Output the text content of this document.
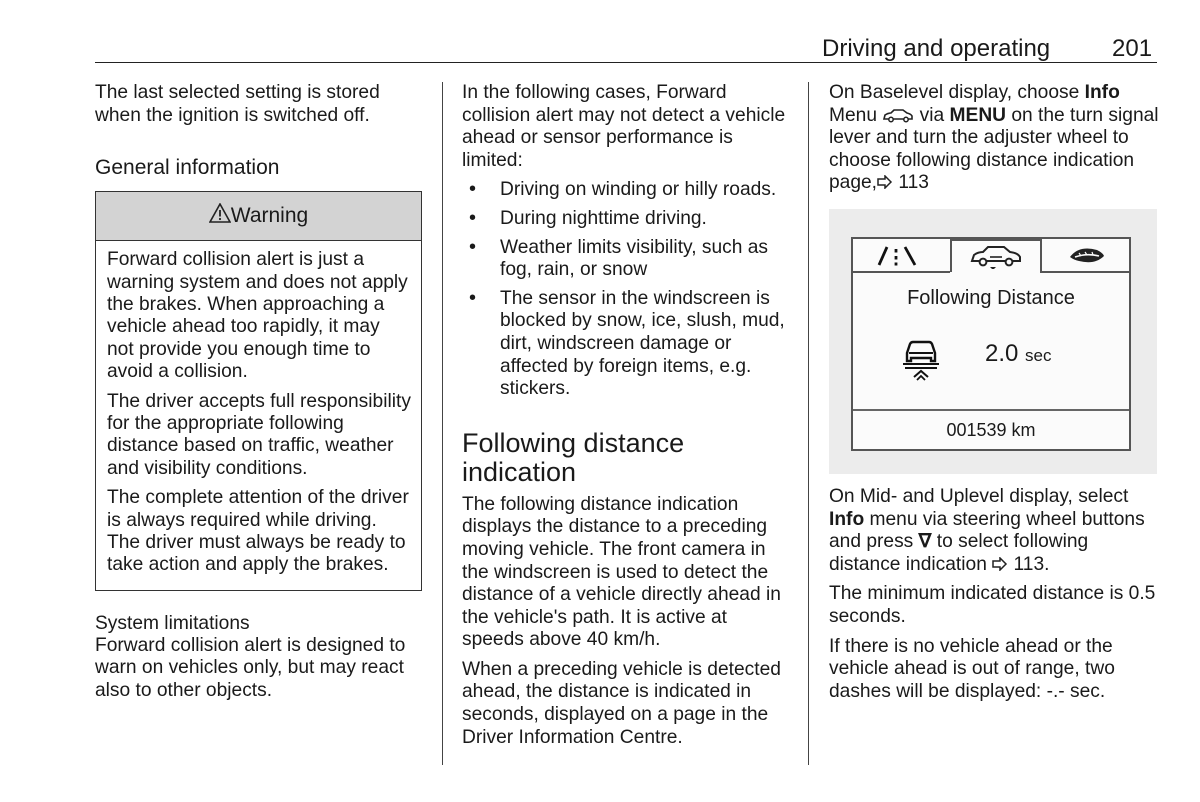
Driving and operating	201

The last selected setting is stored when the ignition is switched off.

General information
Warning

Forward collision alert is just a warning system and does not apply the brakes. When approaching a vehicle ahead too rapidly, it may not provide you enough time to avoid a collision.

The driver accepts full responsibility for the appropriate following distance based on traffic, weather and visibility conditions.

The complete attention of the driver is always required while driving. The driver must always be ready to take action and apply the brakes.

System limitations

Forward collision alert is designed to warn on vehicles only, but may react also to other objects.

In the following cases, Forward collision alert may not detect a vehicle ahead or sensor performance is limited:

• Driving on winding or hilly roads.
• During nighttime driving.
• Weather limits visibility, such as fog, rain, or snow
• The sensor in the windscreen is blocked by snow, ice, slush, mud, dirt, windscreen damage or affected by foreign items, e.g. stickers.
Following distance indication

The following distance indication displays the distance to a preceding moving vehicle. The front camera in the windscreen is used to detect the distance of a vehicle directly ahead in the vehicle's path. It is active at speeds above 40 km/h.

When a preceding vehicle is detected ahead, the distance is indicated in seconds, displayed on a page in the Driver Information Centre.

On Baselevel display, choose Info Menu  via MENU on the turn signal lever and turn the adjuster wheel to choose following distance indication page, 113

Following Distance
2.0 sec
001539 km

On Mid- and Uplevel display, select Info menu via steering wheel buttons and press ∇ to select following distance indication  113.

The minimum indicated distance is 0.5 seconds.

If there is no vehicle ahead or the vehicle ahead is out of range, two dashes will be displayed: -.- sec.
